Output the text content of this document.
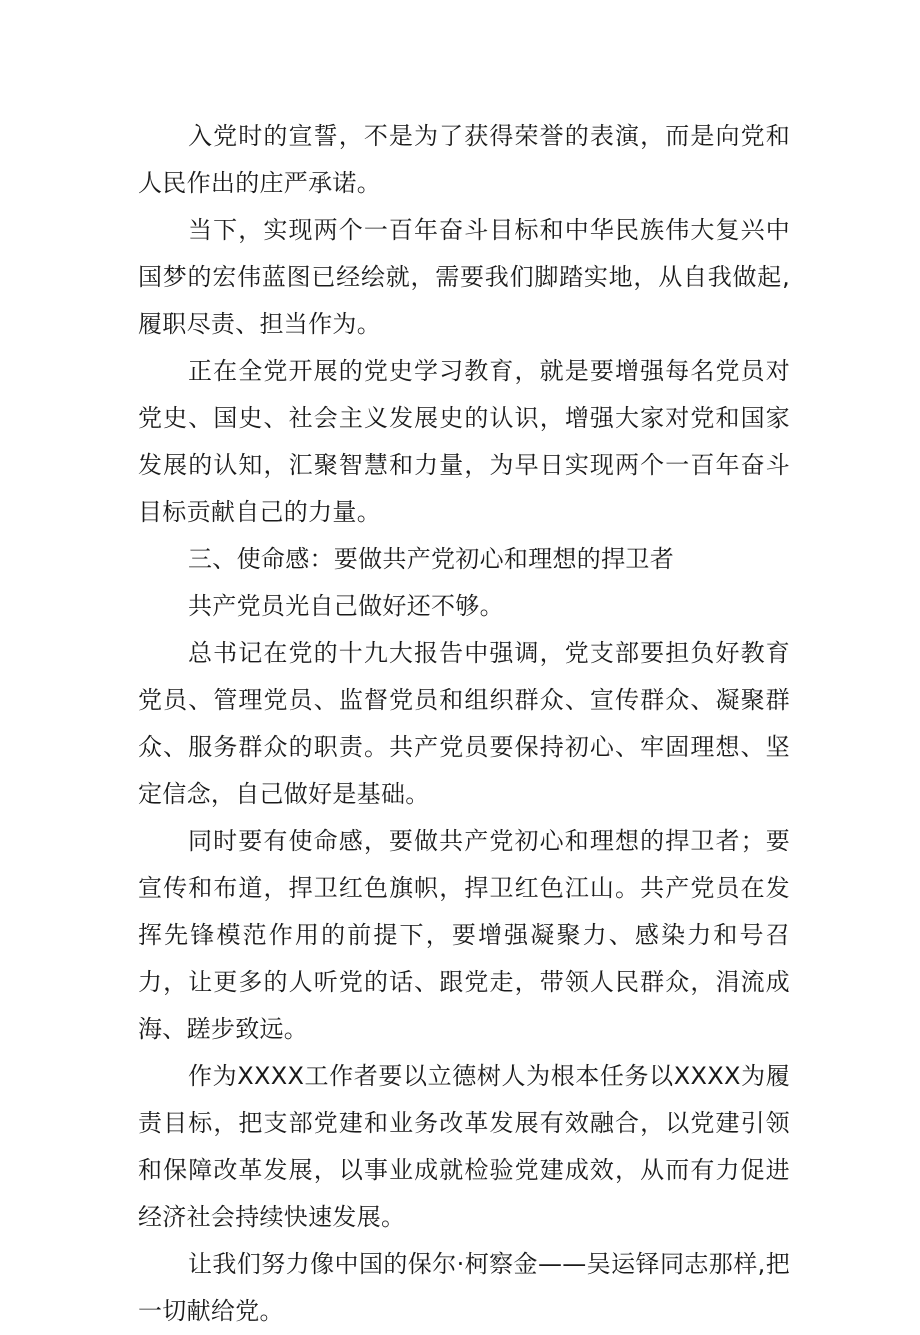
入党时的宣誓，不是为了获得荣誉的表演，而是向党和人民作出的庄严承诺。

当下，实现两个一百年奋斗目标和中华民族伟大复兴中国梦的宏伟蓝图已经绘就，需要我们脚踏实地，从自我做起,履职尽责、担当作为。

正在全党开展的党史学习教育，就是要增强每名党员对党史、国史、社会主义发展史的认识，增强大家对党和国家发展的认知，汇聚智慧和力量，为早日实现两个一百年奋斗目标贡献自己的力量。

三、使命感：要做共产党初心和理想的捍卫者

共产党员光自己做好还不够。

总书记在党的十九大报告中强调，党支部要担负好教育党员、管理党员、监督党员和组织群众、宣传群众、凝聚群众、服务群众的职责。共产党员要保持初心、牢固理想、坚定信念，自己做好是基础。

同时要有使命感，要做共产党初心和理想的捍卫者；要宣传和布道，捍卫红色旗帜，捍卫红色江山。共产党员在发挥先锋模范作用的前提下，要增强凝聚力、感染力和号召力，让更多的人听党的话、跟党走，带领人民群众，涓流成海、蹉步致远。

作为XXXX工作者要以立德树人为根本任务以XXXX为履责目标，把支部党建和业务改革发展有效融合，以党建引领和保障改革发展，以事业成就检验党建成效，从而有力促进经济社会持续快速发展。

让我们努力像中国的保尔·柯察金——吴运铎同志那样,把一切献给党。
